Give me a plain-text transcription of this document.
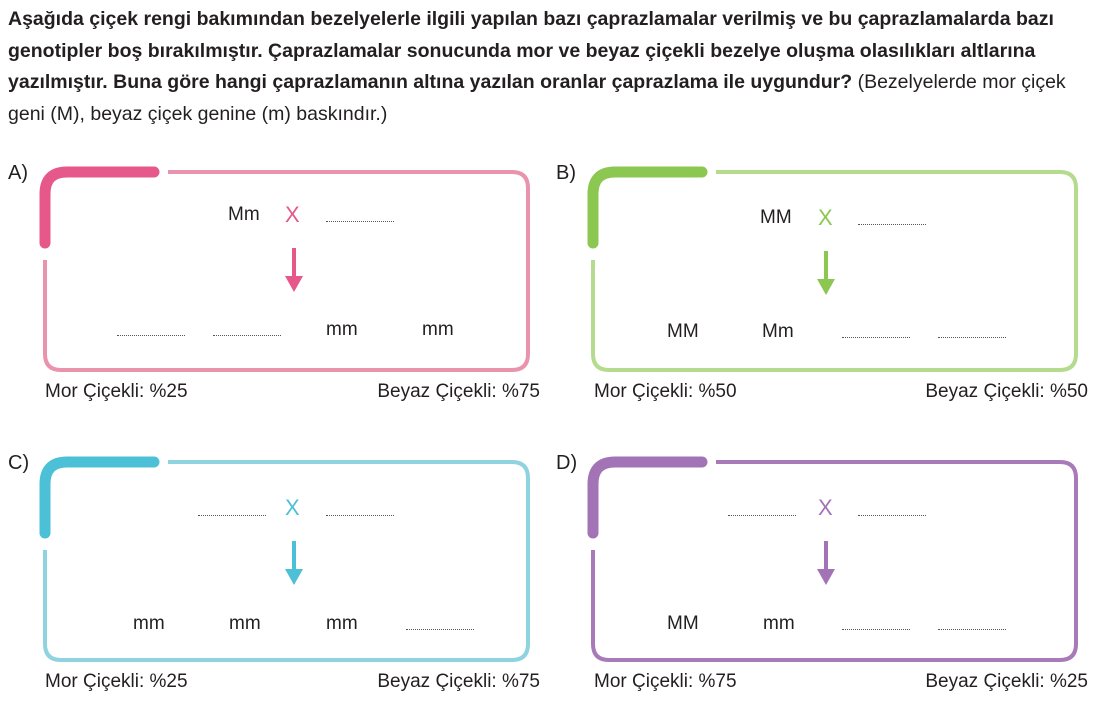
Aşağıda çiçek rengi bakımından bezelyelerle ilgili yapılan bazı çaprazlamalar verilmiş ve bu çaprazlamalarda bazı genotipler boş bırakılmıştır. Çaprazlamalar sonucunda mor ve beyaz çiçekli bezelye oluşma olasılıkları altlarına yazılmıştır. Buna göre hangi çaprazlamanın altına yazılan oranlar çaprazlama ile uygundur? (Bezelyelerde mor çiçek geni (M), beyaz çiçek genine (m) baskındır.)

A)
Mm X
mm	mm
Mor Çiçekli: %25	Beyaz Çiçekli: %75
B)
MM X
MM	Mm
Mor Çiçekli: %50	Beyaz Çiçekli: %50
C)
X
mm	mm	mm
Mor Çiçekli: %25	Beyaz Çiçekli: %75
D)
X
MM	mm
Mor Çiçekli: %75	Beyaz Çiçekli: %25
